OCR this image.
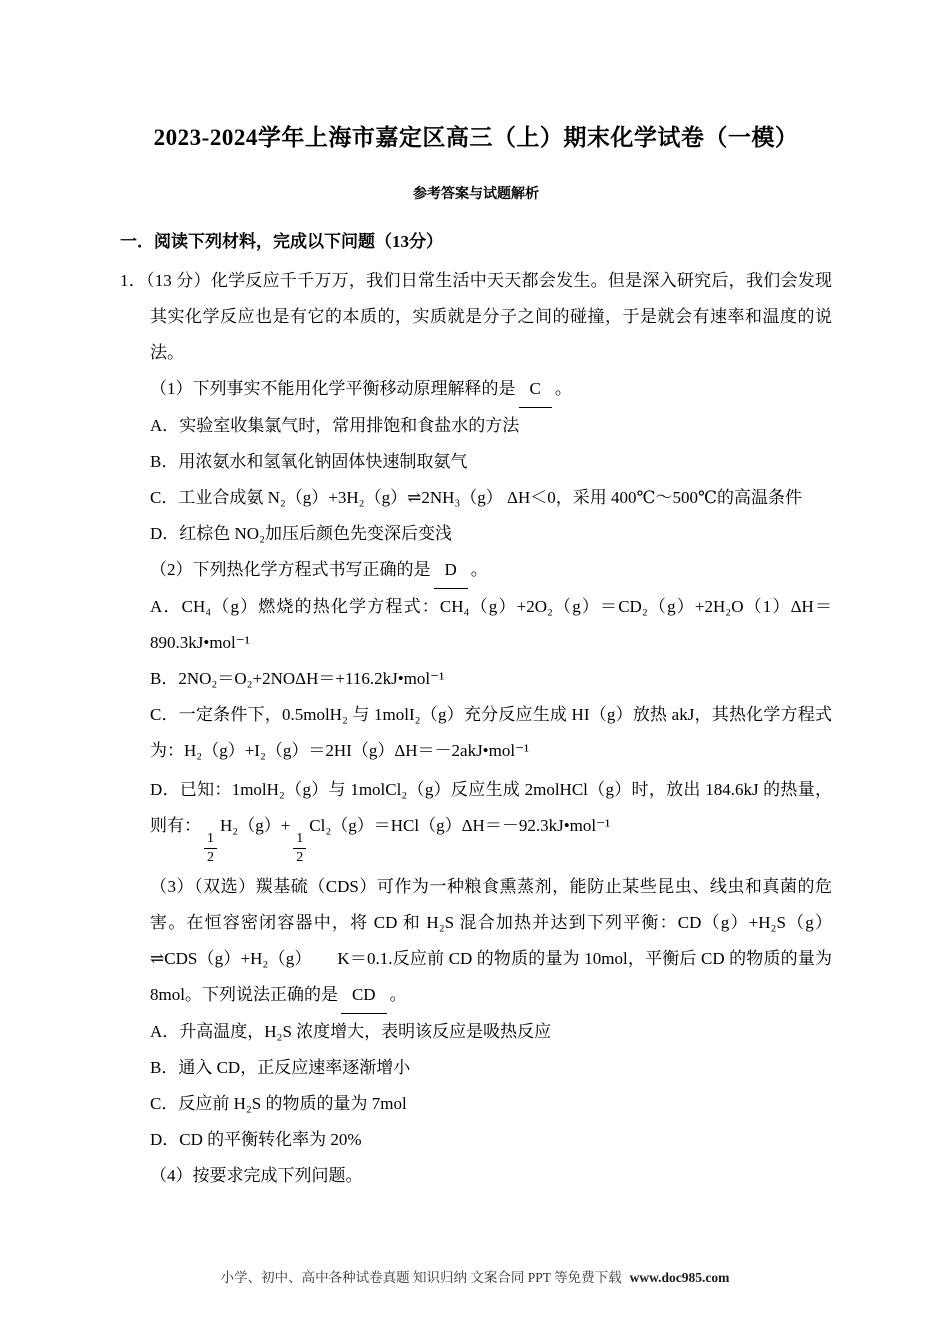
2023-2024学年上海市嘉定区高三（上）期末化学试卷（一模）
参考答案与试题解析
一．阅读下列材料，完成以下问题（13分）

1．（13 分）化学反应千千万万，我们日常生活中天天都会发生。但是深入研究后，我们会发现其实化学反应也是有它的本质的，实质就是分子之间的碰撞，于是就会有速率和温度的说法。

（1）下列事实不能用化学平衡移动原理解释的是 C 。

A．实验室收集氯气时，常用排饱和食盐水的方法

B．用浓氨水和氢氧化钠固体快速制取氨气

C．工业合成氨 N₂（g）+3H₂（g）⇌2NH₃（g） ΔH＜0，采用 400℃～500℃的高温条件

D．红棕色 NO₂加压后颜色先变深后变浅

（2）下列热化学方程式书写正确的是 D 。

A．CH₄（g）燃烧的热化学方程式：CH₄（g）+2O₂（g）＝CD₂（g）+2H₂O（1）ΔH＝890.3kJ•mol⁻¹

B．2NO₂＝O₂+2NOΔH＝+116.2kJ•mol⁻¹

C．一定条件下，0.5molH₂ 与 1molI₂（g）充分反应生成 HI（g）放热 akJ，其热化学方程式为：H₂（g）+I₂（g）＝2HI（g）ΔH＝－2akJ•mol⁻¹

D．已知：1molH₂（g）与 1molCl₂（g）反应生成 2molHCl（g）时，放出 184.6kJ 的热量，则有：
$\frac{1}{2}$
H₂（g）+
$\frac{1}{2}$
Cl₂（g）＝HCl（g）ΔH＝－92.3kJ•mol⁻¹

（3）（双选）羰基硫（CDS）可作为一种粮食熏蒸剂，能防止某些昆虫、线虫和真菌的危害。在恒容密闭容器中，将 CD 和 H₂S 混合加热并达到下列平衡：CD（g）+H₂S（g）⇌CDS（g）+H₂（g）　　K＝0.1.反应前 CD 的物质的量为 10mol，平衡后 CD 的物质的量为 8mol。下列说法正确的是 CD 。

A．升高温度，H₂S 浓度增大，表明该反应是吸热反应

B．通入 CD，正反应速率逐渐增小

C．反应前 H₂S 的物质的量为 7mol

D．CD 的平衡转化率为 20%

（4）按要求完成下列问题。

小学、初中、高中各种试卷真题 知识归纳 文案合同 PPT 等免费下载 www.doc985.com
